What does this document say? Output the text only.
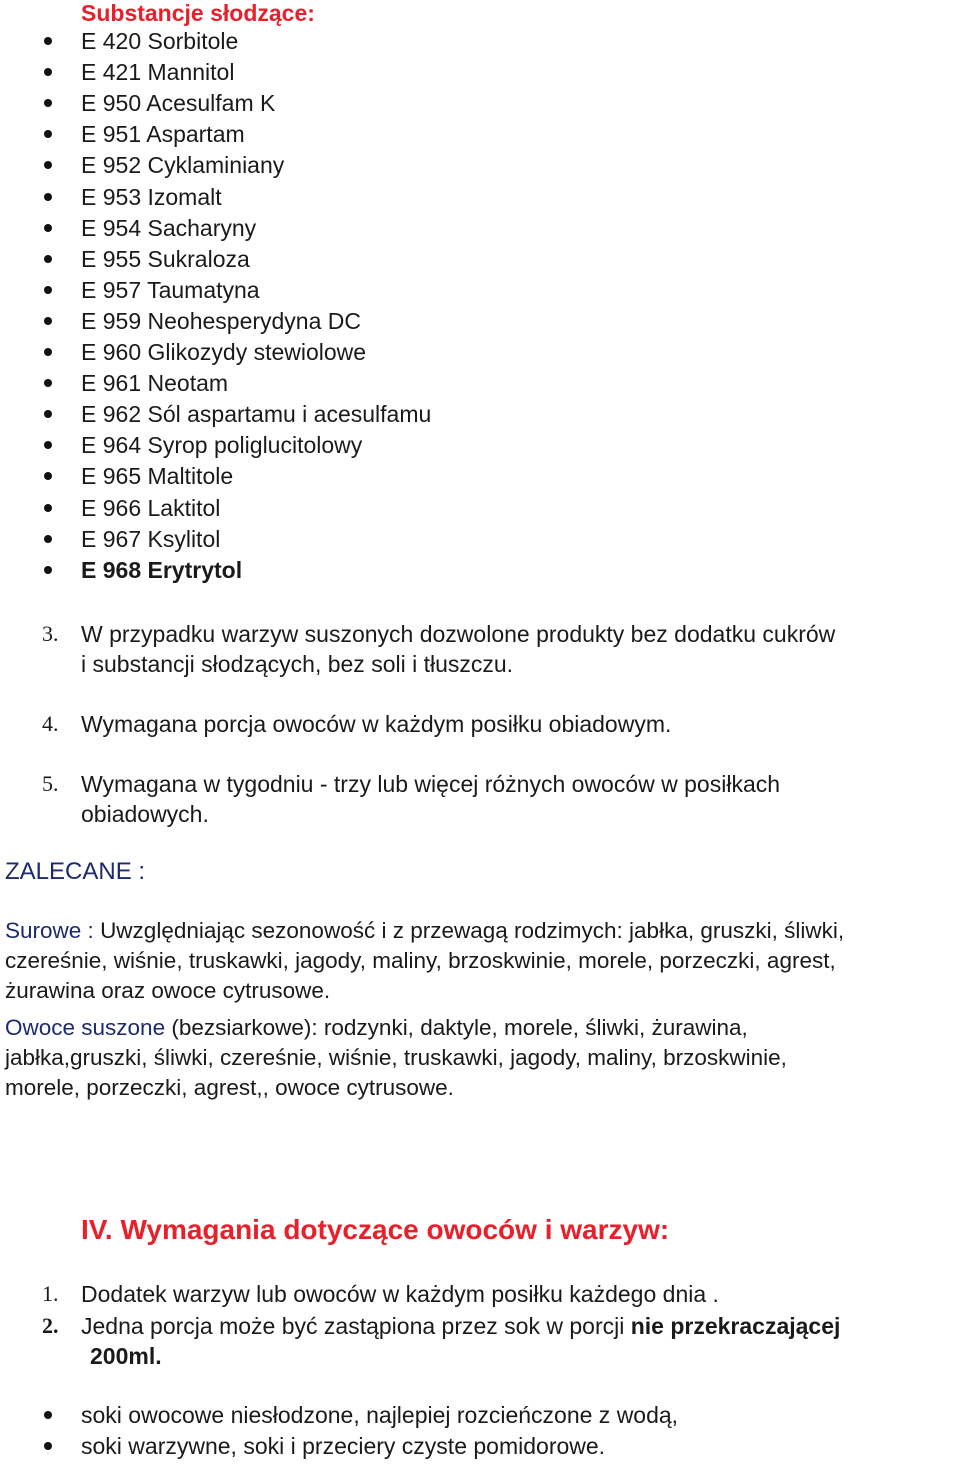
Substancje słodzące:
E 420 Sorbitole
E 421 Mannitol
E 950 Acesulfam K
E 951 Aspartam
E 952 Cyklaminiany
E 953 Izomalt
E 954 Sacharyny
E 955 Sukraloza
E 957 Taumatyna
E 959 Neohesperydyna DC
E 960 Glikozydy stewiolowe
E 961 Neotam
E 962 Sól aspartamu i acesulfamu
E 964 Syrop poliglucitolowy
E 965 Maltitole
E 966 Laktitol
E 967 Ksylitol
E 968 Erytrytol
3. W przypadku warzyw suszonych dozwolone produkty bez dodatku cukrów
i substancji słodzących, bez soli i tłuszczu.
4. Wymagana porcja owoców w każdym posiłku obiadowym.
5. Wymagana w tygodniu - trzy lub więcej różnych owoców w posiłkach
obiadowych.
ZALECANE :
Surowe : Uwzględniając sezonowość i z przewagą rodzimych: jabłka, gruszki, śliwki,
czereśnie, wiśnie, truskawki, jagody, maliny, brzoskwinie, morele, porzeczki, agrest,
żurawina oraz owoce cytrusowe.
Owoce suszone (bezsiarkowe): rodzynki, daktyle, morele, śliwki, żurawina,
jabłka,gruszki, śliwki, czereśnie, wiśnie, truskawki, jagody, maliny, brzoskwinie,
morele, porzeczki, agrest,, owoce cytrusowe.
IV. Wymagania dotyczące owoców i warzyw:
1. Dodatek warzyw lub owoców w każdym posiłku każdego dnia .
2. Jedna porcja może być zastąpiona przez sok w porcji nie przekraczającej
200ml.
soki owocowe niesłodzone, najlepiej rozcieńczone z wodą,
soki warzywne, soki i przeciery czyste pomidorowe.
